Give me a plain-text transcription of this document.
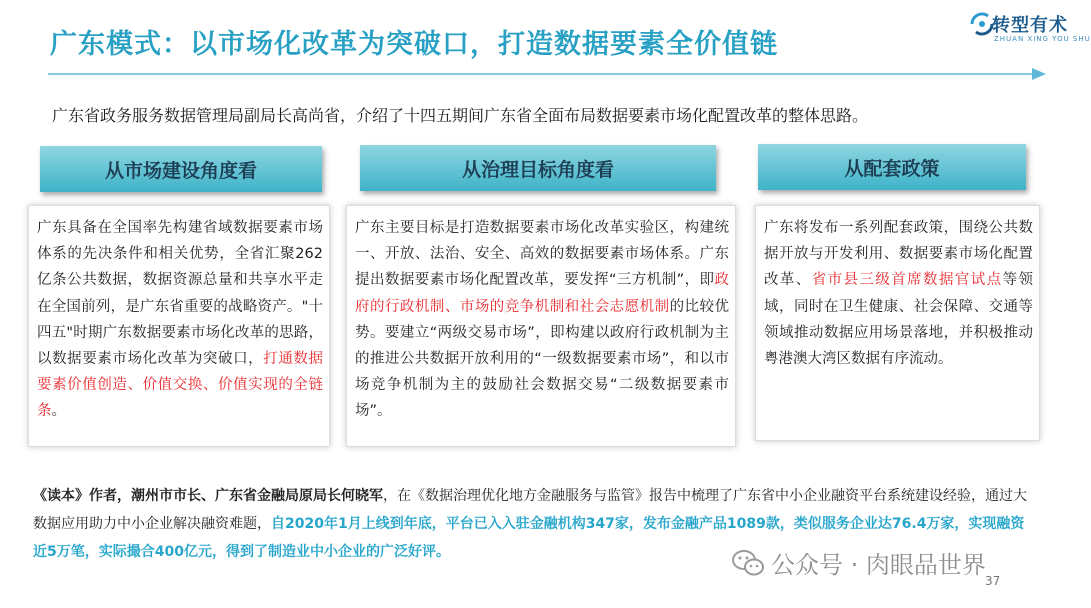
广东模式：以市场化改革为突破口，打造数据要素全价值链
转型有术
ZHUAN XING YOU SHU
广东省政务服务数据管理局副局长高尚省，介绍了十四五期间广东省全面布局数据要素市场化配置改革的整体思路。
从市场建设角度看
广东具备在全国率先构建省域数据要素市场体系的先决条件和相关优势，全省汇聚262亿条公共数据，数据资源总量和共享水平走在全国前列，是广东省重要的战略资产。"十四五"时期广东数据要素市场化改革的思路，以数据要素市场化改革为突破口，打通数据要素价值创造、价值交换、价值实现的全链条。
从治理目标角度看
广东主要目标是打造数据要素市场化改革实验区，构建统一、开放、法治、安全、高效的数据要素市场体系。广东提出数据要素市场化配置改革，要发挥“三方机制”，即政府的行政机制、市场的竞争机制和社会志愿机制的比较优势。要建立“两级交易市场”，即构建以政府行政机制为主的推进公共数据开放利用的“一级数据要素市场”，和以市场竞争机制为主的鼓励社会数据交易“二级数据要素市场”。
从配套政策
广东将发布一系列配套政策，围绕公共数据开放与开发利用、数据要素市场化配置改革、省市县三级首席数据官试点等领域，同时在卫生健康、社会保障、交通等领域推动数据应用场景落地，并积极推动粤港澳大湾区数据有序流动。
《读本》作者，潮州市市长、广东省金融局原局长何晓军，在《数据治理优化地方金融服务与监管》报告中梳理了广东省中小企业融资平台系统建设经验，通过大数据应用助力中小企业解决融资难题，自2020年1月上线到年底，平台已入入驻金融机构347家，发布金融产品1089款，类似服务企业达76.4万家，实现融资近5万笔，实际撮合400亿元，得到了制造业中小企业的广泛好评。	公众号 · 肉眼品世界
37
